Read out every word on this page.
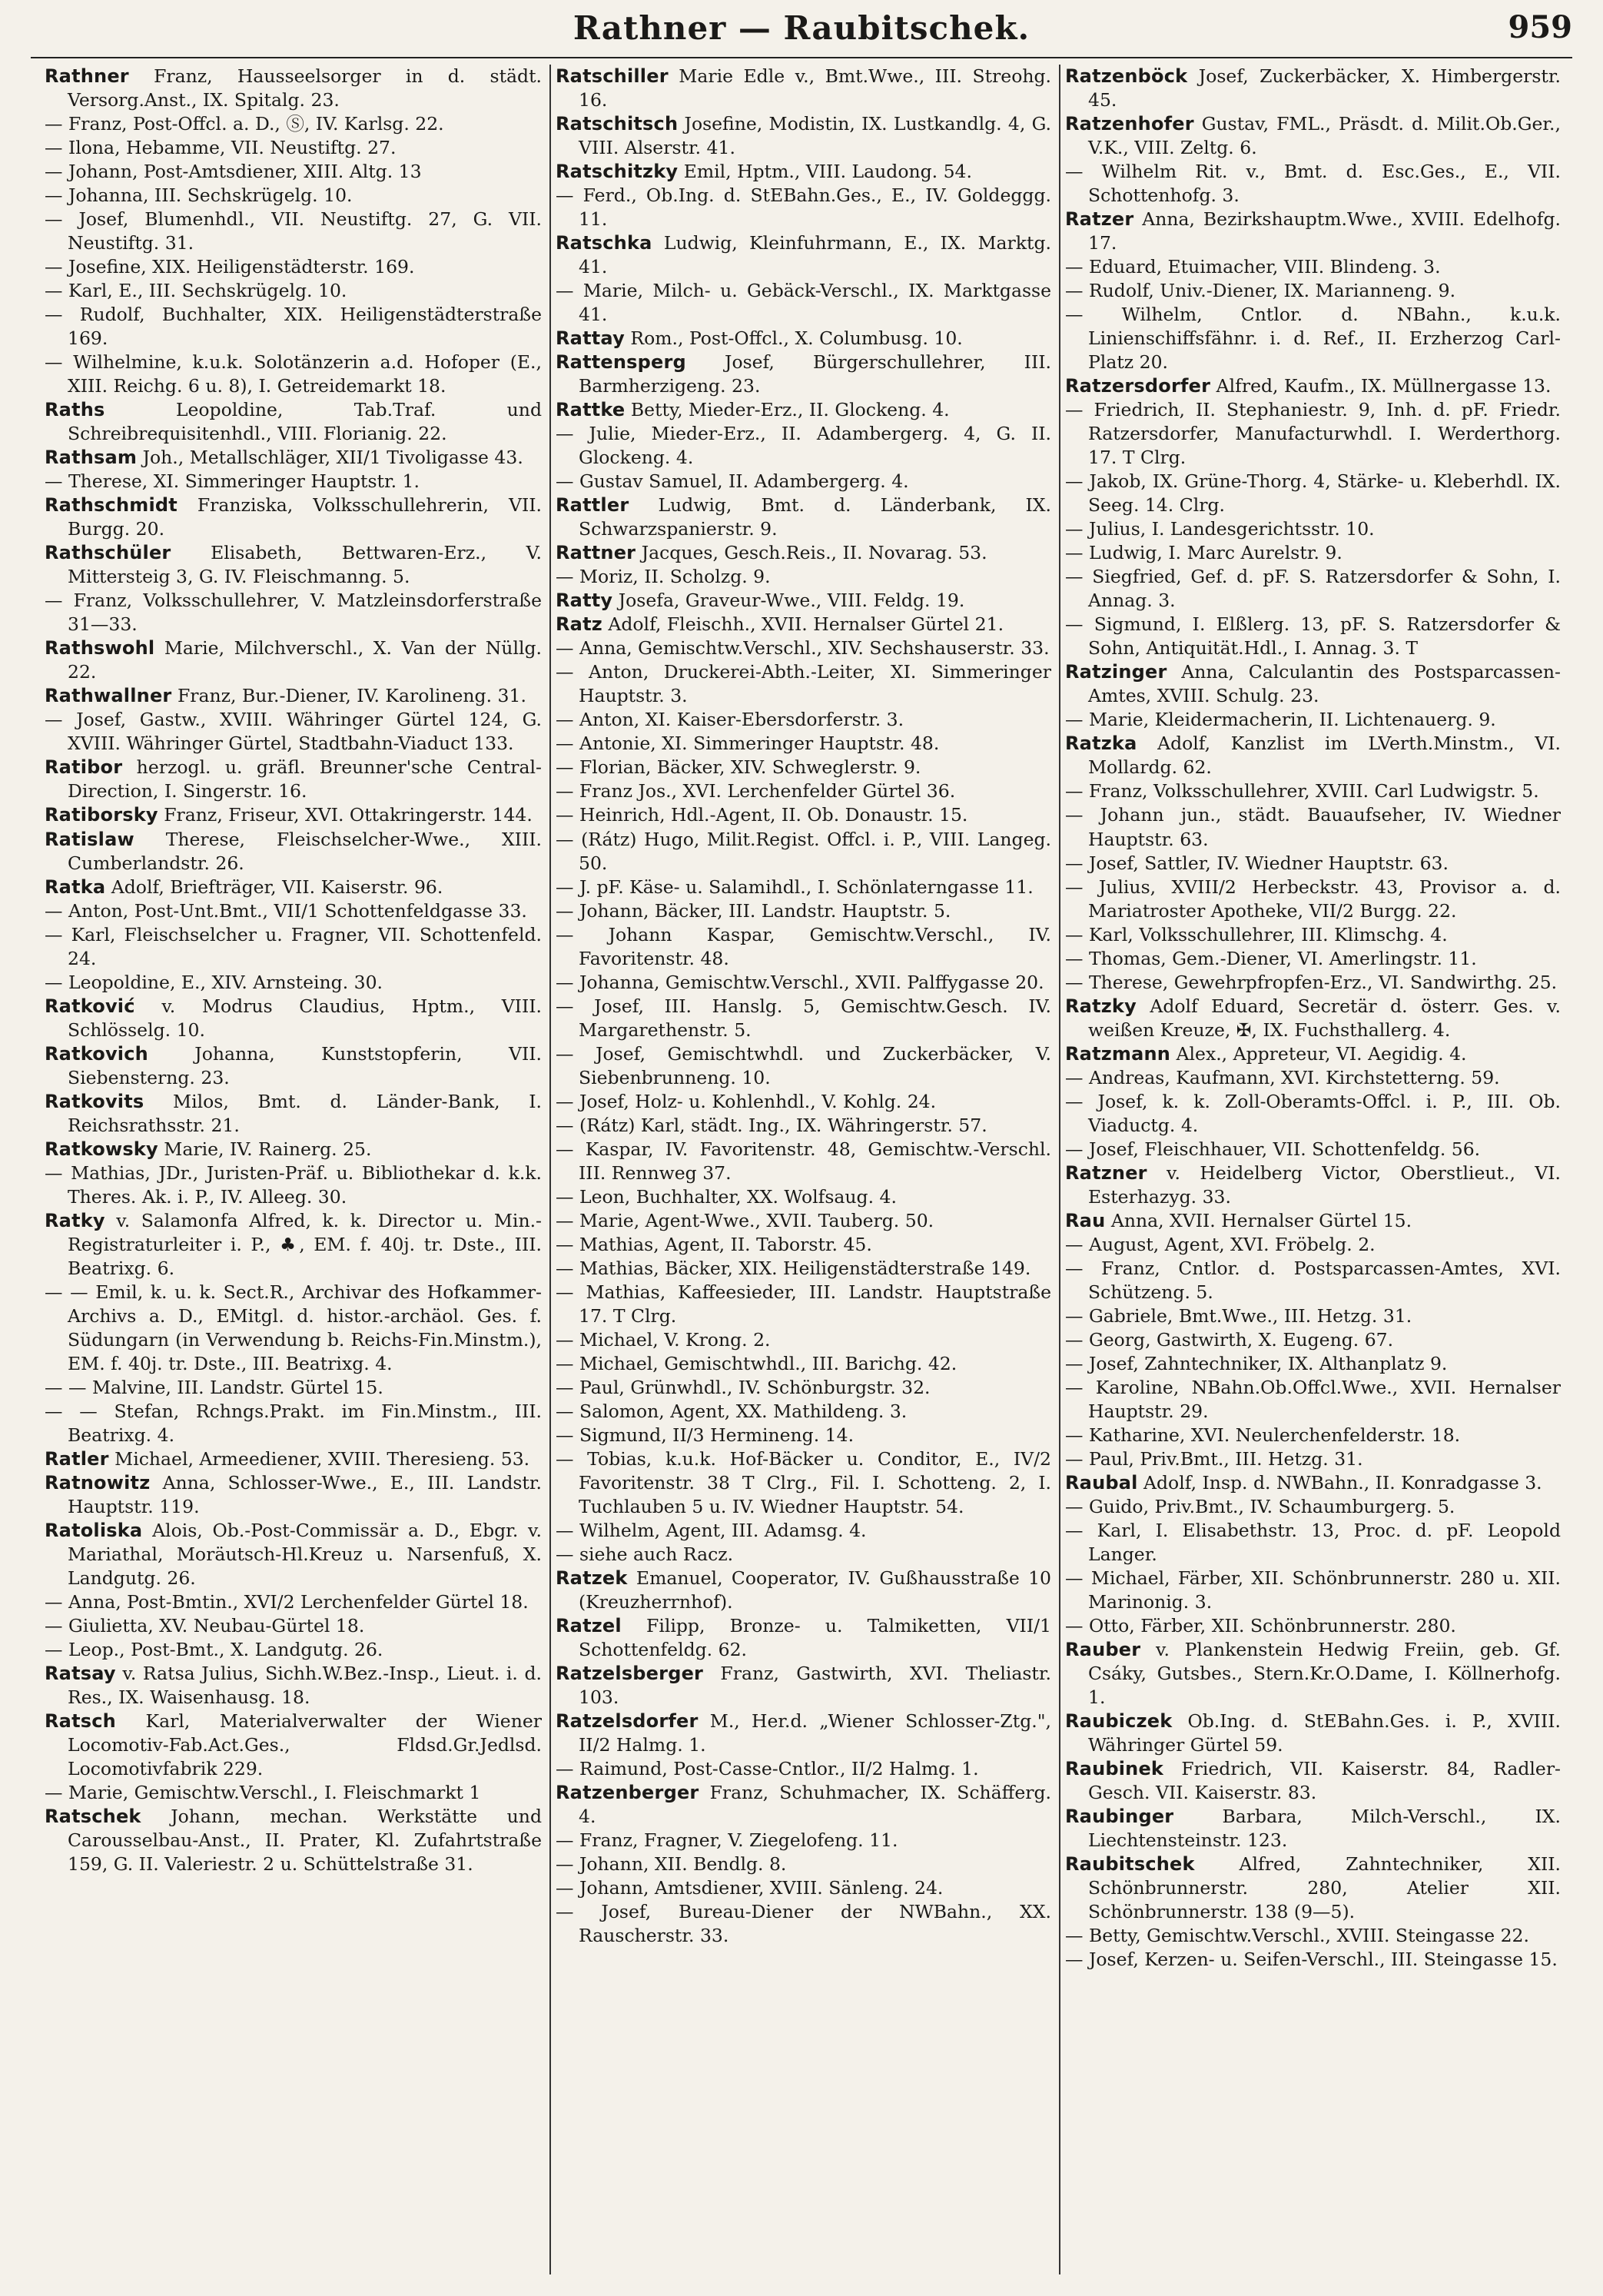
Rathner — Raubitschek.	959
Rathner Franz, Hausseelsorger in d. städt. Versorg.Anst., IX. Spitalg. 23.
— Franz, Post-Offcl. a. D., Ⓢ, IV. Karlsg. 22.
— Ilona, Hebamme, VII. Neustiftg. 27.
— Johann, Post-Amtsdiener, XIII. Altg. 13
— Johanna, III. Sechskrügelg. 10.
— Josef, Blumenhdl., VII. Neustiftg. 27, G. VII. Neustiftg. 31.
— Josefine, XIX. Heiligenstädterstr. 169.
— Karl, E., III. Sechskrügelg. 10.
— Rudolf, Buchhalter, XIX. Heiligenstädterstraße 169.
— Wilhelmine, k.u.k. Solotänzerin a.d. Hofoper (E., XIII. Reichg. 6 u. 8), I. Getreidemarkt 18.
Raths Leopoldine, Tab.Traf. und Schreibrequisitenhdl., VIII. Florianig. 22.
Rathsam Joh., Metallschläger, XII/1 Tivoligasse 43.
— Therese, XI. Simmeringer Hauptstr. 1.
Rathschmidt Franziska, Volksschullehrerin, VII. Burgg. 20.
Rathschüler Elisabeth, Bettwaren-Erz., V. Mittersteig 3, G. IV. Fleischmanng. 5.
— Franz, Volksschullehrer, V. Matzleinsdorferstraße 31—33.
Rathswohl Marie, Milchverschl., X. Van der Nüllg. 22.
Rathwallner Franz, Bur.-Diener, IV. Karolineng. 31.
— Josef, Gastw., XVIII. Währinger Gürtel 124, G. XVIII. Währinger Gürtel, Stadtbahn-Viaduct 133.
Ratibor herzogl. u. gräfl. Breunner'sche Central-Direction, I. Singerstr. 16.
Ratiborsky Franz, Friseur, XVI. Ottakringerstr. 144.
Ratislaw Therese, Fleischselcher-Wwe., XIII. Cumberlandstr. 26.
Ratka Adolf, Briefträger, VII. Kaiserstr. 96.
— Anton, Post-Unt.Bmt., VII/1 Schottenfeldgasse 33.
— Karl, Fleischselcher u. Fragner, VII. Schottenfeld. 24.
— Leopoldine, E., XIV. Arnsteing. 30.
Ratković v. Modrus Claudius, Hptm., VIII. Schlösselg. 10.
Ratkovich Johanna, Kunststopferin, VII. Siebensterng. 23.
Ratkovits Milos, Bmt. d. Länder-Bank, I. Reichsrathsstr. 21.
Ratkowsky Marie, IV. Rainerg. 25.
— Mathias, JDr., Juristen-Präf. u. Bibliothekar d. k.k. Theres. Ak. i. P., IV. Alleeg. 30.
Ratky v. Salamonfa Alfred, k. k. Director u. Min.-Registraturleiter i. P., ♣, EM. f. 40j. tr. Dste., III. Beatrixg. 6.
— — Emil, k. u. k. Sect.R., Archivar des Hofkammer-Archivs a. D., EMitgl. d. histor.-archäol. Ges. f. Südungarn (in Verwendung b. Reichs-Fin.Minstm.), EM. f. 40j. tr. Dste., III. Beatrixg. 4.
— — Malvine, III. Landstr. Gürtel 15.
— — Stefan, Rchngs.Prakt. im Fin.Minstm., III. Beatrixg. 4.
Ratler Michael, Armeediener, XVIII. Theresieng. 53.
Ratnowitz Anna, Schlosser-Wwe., E., III. Landstr. Hauptstr. 119.
Ratoliska Alois, Ob.-Post-Commissär a. D., Ebgr. v. Mariathal, Moräutsch-Hl.Kreuz u. Narsenfuß, X. Landgutg. 26.
— Anna, Post-Bmtin., XVI/2 Lerchenfelder Gürtel 18.
— Giulietta, XV. Neubau-Gürtel 18.
— Leop., Post-Bmt., X. Landgutg. 26.
Ratsay v. Ratsa Julius, Sichh.W.Bez.-Insp., Lieut. i. d. Res., IX. Waisenhausg. 18.
Ratsch Karl, Materialverwalter der Wiener Locomotiv-Fab.Act.Ges., Fldsd.Gr.Jedlsd. Locomotivfabrik 229.
— Marie, Gemischtw.Verschl., I. Fleischmarkt 1
Ratschek Johann, mechan. Werkstätte und Carousselbau-Anst., II. Prater, Kl. Zufahrtstraße 159, G. II. Valeriestr. 2 u. Schüttelstraße 31.
Ratschiller Marie Edle v., Bmt.Wwe., III. Streohg. 16.
Ratschitsch Josefine, Modistin, IX. Lustkandlg. 4, G. VIII. Alserstr. 41.
Ratschitzky Emil, Hptm., VIII. Laudong. 54.
— Ferd., Ob.Ing. d. StEBahn.Ges., E., IV. Goldeggg. 11.
Ratschka Ludwig, Kleinfuhrmann, E., IX. Marktg. 41.
— Marie, Milch- u. Gebäck-Verschl., IX. Marktgasse 41.
Rattay Rom., Post-Offcl., X. Columbusg. 10.
Rattensperg Josef, Bürgerschullehrer, III. Barmherzigeng. 23.
Rattke Betty, Mieder-Erz., II. Glockeng. 4.
— Julie, Mieder-Erz., II. Adambergerg. 4, G. II. Glockeng. 4.
— Gustav Samuel, II. Adambergerg. 4.
Rattler Ludwig, Bmt. d. Länderbank, IX. Schwarzspanierstr. 9.
Rattner Jacques, Gesch.Reis., II. Novarag. 53.
— Moriz, II. Scholzg. 9.
Ratty Josefa, Graveur-Wwe., VIII. Feldg. 19.
Ratz Adolf, Fleischh., XVII. Hernalser Gürtel 21.
— Anna, Gemischtw.Verschl., XIV. Sechshauserstr. 33.
— Anton, Druckerei-Abth.-Leiter, XI. Simmeringer Hauptstr. 3.
— Anton, XI. Kaiser-Ebersdorferstr. 3.
— Antonie, XI. Simmeringer Hauptstr. 48.
— Florian, Bäcker, XIV. Schweglerstr. 9.
— Franz Jos., XVI. Lerchenfelder Gürtel 36.
— Heinrich, Hdl.-Agent, II. Ob. Donaustr. 15.
— (Rátz) Hugo, Milit.Regist. Offcl. i. P., VIII. Langeg. 50.
— J. pF. Käse- u. Salamihdl., I. Schönlaterngasse 11.
— Johann, Bäcker, III. Landstr. Hauptstr. 5.
— Johann Kaspar, Gemischtw.Verschl., IV. Favoritenstr. 48.
— Johanna, Gemischtw.Verschl., XVII. Palffygasse 20.
— Josef, III. Hanslg. 5, Gemischtw.Gesch. IV. Margarethenstr. 5.
— Josef, Gemischtwhdl. und Zuckerbäcker, V. Siebenbrunneng. 10.
— Josef, Holz- u. Kohlenhdl., V. Kohlg. 24.
— (Rátz) Karl, städt. Ing., IX. Währingerstr. 57.
— Kaspar, IV. Favoritenstr. 48, Gemischtw.-Verschl. III. Rennweg 37.
— Leon, Buchhalter, XX. Wolfsaug. 4.
— Marie, Agent-Wwe., XVII. Tauberg. 50.
— Mathias, Agent, II. Taborstr. 45.
— Mathias, Bäcker, XIX. Heiligenstädterstraße 149.
— Mathias, Kaffeesieder, III. Landstr. Hauptstraße 17. T Clrg.
— Michael, V. Krong. 2.
— Michael, Gemischtwhdl., III. Barichg. 42.
— Paul, Grünwhdl., IV. Schönburgstr. 32.
— Salomon, Agent, XX. Mathildeng. 3.
— Sigmund, II/3 Hermineng. 14.
— Tobias, k.u.k. Hof-Bäcker u. Conditor, E., IV/2 Favoritenstr. 38 T Clrg., Fil. I. Schotteng. 2, I. Tuchlauben 5 u. IV. Wiedner Hauptstr. 54.
— Wilhelm, Agent, III. Adamsg. 4.
— siehe auch Racz.
Ratzek Emanuel, Cooperator, IV. Gußhausstraße 10 (Kreuzherrnhof).
Ratzel Filipp, Bronze- u. Talmiketten, VII/1 Schottenfeldg. 62.
Ratzelsberger Franz, Gastwirth, XVI. Theliastr. 103.
Ratzelsdorfer M., Her.d. „Wiener Schlosser-Ztg.", II/2 Halmg. 1.
— Raimund, Post-Casse-Cntlor., II/2 Halmg. 1.
Ratzenberger Franz, Schuhmacher, IX. Schäfferg. 4.
— Franz, Fragner, V. Ziegelofeng. 11.
— Johann, XII. Bendlg. 8.
— Johann, Amtsdiener, XVIII. Sänleng. 24.
— Josef, Bureau-Diener der NWBahn., XX. Rauscherstr. 33.
Ratzenböck Josef, Zuckerbäcker, X. Himbergerstr. 45.
Ratzenhofer Gustav, FML., Präsdt. d. Milit.Ob.Ger., V.K., VIII. Zeltg. 6.
— Wilhelm Rit. v., Bmt. d. Esc.Ges., E., VII. Schottenhofg. 3.
Ratzer Anna, Bezirkshauptm.Wwe., XVIII. Edelhofg. 17.
— Eduard, Etuimacher, VIII. Blindeng. 3.
— Rudolf, Univ.-Diener, IX. Marianneng. 9.
— Wilhelm, Cntlor. d. NBahn., k.u.k. Linienschiffsfähnr. i. d. Ref., II. Erzherzog Carl-Platz 20.
Ratzersdorfer Alfred, Kaufm., IX. Müllnergasse 13.
— Friedrich, II. Stephaniestr. 9, Inh. d. pF. Friedr. Ratzersdorfer, Manufacturwhdl. I. Werderthorg. 17. T Clrg.
— Jakob, IX. Grüne-Thorg. 4, Stärke- u. Kleberhdl. IX. Seeg. 14. Clrg.
— Julius, I. Landesgerichtsstr. 10.
— Ludwig, I. Marc Aurelstr. 9.
— Siegfried, Gef. d. pF. S. Ratzersdorfer & Sohn, I. Annag. 3.
— Sigmund, I. Elßlerg. 13, pF. S. Ratzersdorfer & Sohn, Antiquität.Hdl., I. Annag. 3. T
Ratzinger Anna, Calculantin des Postsparcassen-Amtes, XVIII. Schulg. 23.
— Marie, Kleidermacherin, II. Lichtenauerg. 9.
Ratzka Adolf, Kanzlist im LVerth.Minstm., VI. Mollardg. 62.
— Franz, Volksschullehrer, XVIII. Carl Ludwigstr. 5.
— Johann jun., städt. Bauaufseher, IV. Wiedner Hauptstr. 63.
— Josef, Sattler, IV. Wiedner Hauptstr. 63.
— Julius, XVIII/2 Herbeckstr. 43, Provisor a. d. Mariatroster Apotheke, VII/2 Burgg. 22.
— Karl, Volksschullehrer, III. Klimschg. 4.
— Thomas, Gem.-Diener, VI. Amerlingstr. 11.
— Therese, Gewehrpfropfen-Erz., VI. Sandwirthg. 25.
Ratzky Adolf Eduard, Secretär d. österr. Ges. v. weißen Kreuze, ✠, IX. Fuchsthallerg. 4.
Ratzmann Alex., Appreteur, VI. Aegidig. 4.
— Andreas, Kaufmann, XVI. Kirchstetterng. 59.
— Josef, k. k. Zoll-Oberamts-Offcl. i. P., III. Ob. Viaductg. 4.
— Josef, Fleischhauer, VII. Schottenfeldg. 56.
Ratzner v. Heidelberg Victor, Oberstlieut., VI. Esterhazyg. 33.
Rau Anna, XVII. Hernalser Gürtel 15.
— August, Agent, XVI. Fröbelg. 2.
— Franz, Cntlor. d. Postsparcassen-Amtes, XVI. Schützeng. 5.
— Gabriele, Bmt.Wwe., III. Hetzg. 31.
— Georg, Gastwirth, X. Eugeng. 67.
— Josef, Zahntechniker, IX. Althanplatz 9.
— Karoline, NBahn.Ob.Offcl.Wwe., XVII. Hernalser Hauptstr. 29.
— Katharine, XVI. Neulerchenfelderstr. 18.
— Paul, Priv.Bmt., III. Hetzg. 31.
Raubal Adolf, Insp. d. NWBahn., II. Konradgasse 3.
— Guido, Priv.Bmt., IV. Schaumburgerg. 5.
— Karl, I. Elisabethstr. 13, Proc. d. pF. Leopold Langer.
— Michael, Färber, XII. Schönbrunnerstr. 280 u. XII. Marinonig. 3.
— Otto, Färber, XII. Schönbrunnerstr. 280.
Rauber v. Plankenstein Hedwig Freiin, geb. Gf. Csáky, Gutsbes., Stern.Kr.O.Dame, I. Köllnerhofg. 1.
Raubiczek Ob.Ing. d. StEBahn.Ges. i. P., XVIII. Währinger Gürtel 59.
Raubinek Friedrich, VII. Kaiserstr. 84, Radler-Gesch. VII. Kaiserstr. 83.
Raubinger Barbara, Milch-Verschl., IX. Liechtensteinstr. 123.
Raubitschek Alfred, Zahntechniker, XII. Schönbrunnerstr. 280, Atelier XII. Schönbrunnerstr. 138 (9—5).
— Betty, Gemischtw.Verschl., XVIII. Steingasse 22.
— Josef, Kerzen- u. Seifen-Verschl., III. Steingasse 15.
